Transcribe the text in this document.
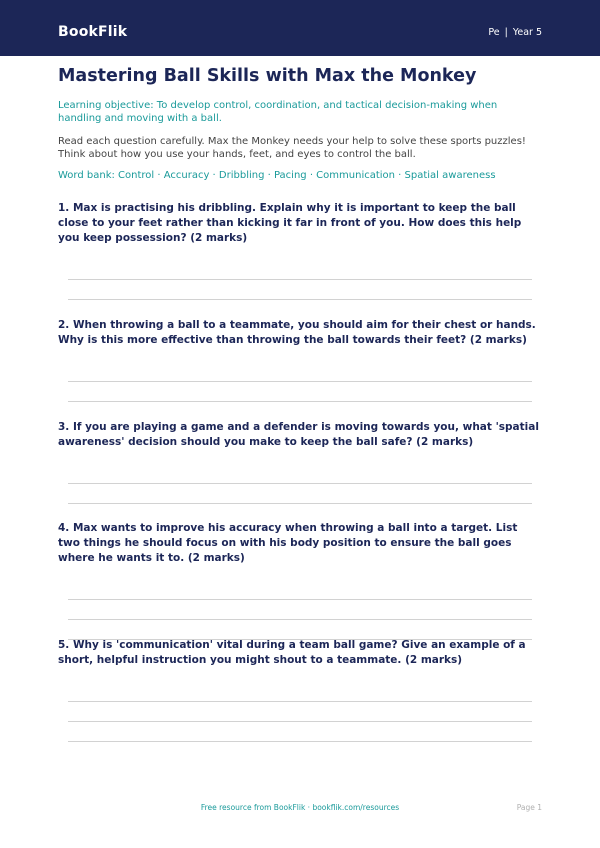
BookFlik	Pe | Year 5
Mastering Ball Skills with Max the Monkey

Learning objective: To develop control, coordination, and tactical decision-making when handling and moving with a ball.

Read each question carefully. Max the Monkey needs your help to solve these sports puzzles! Think about how you use your hands, feet, and eyes to control the ball.

Word bank: Control · Accuracy · Dribbling · Pacing · Communication · Spatial awareness

1. Max is practising his dribbling. Explain why it is important to keep the ball close to your feet rather than kicking it far in front of you. How does this help you keep possession? (2 marks)

2. When throwing a ball to a teammate, you should aim for their chest or hands. Why is this more effective than throwing the ball towards their feet? (2 marks)

3. If you are playing a game and a defender is moving towards you, what 'spatial awareness' decision should you make to keep the ball safe? (2 marks)

4. Max wants to improve his accuracy when throwing a ball into a target. List two things he should focus on with his body position to ensure the ball goes where he wants it to. (2 marks)

5. Why is 'communication' vital during a team ball game? Give an example of a short, helpful instruction you might shout to a teammate. (2 marks)

Free resource from BookFlik · bookflik.com/resources	Page 1
